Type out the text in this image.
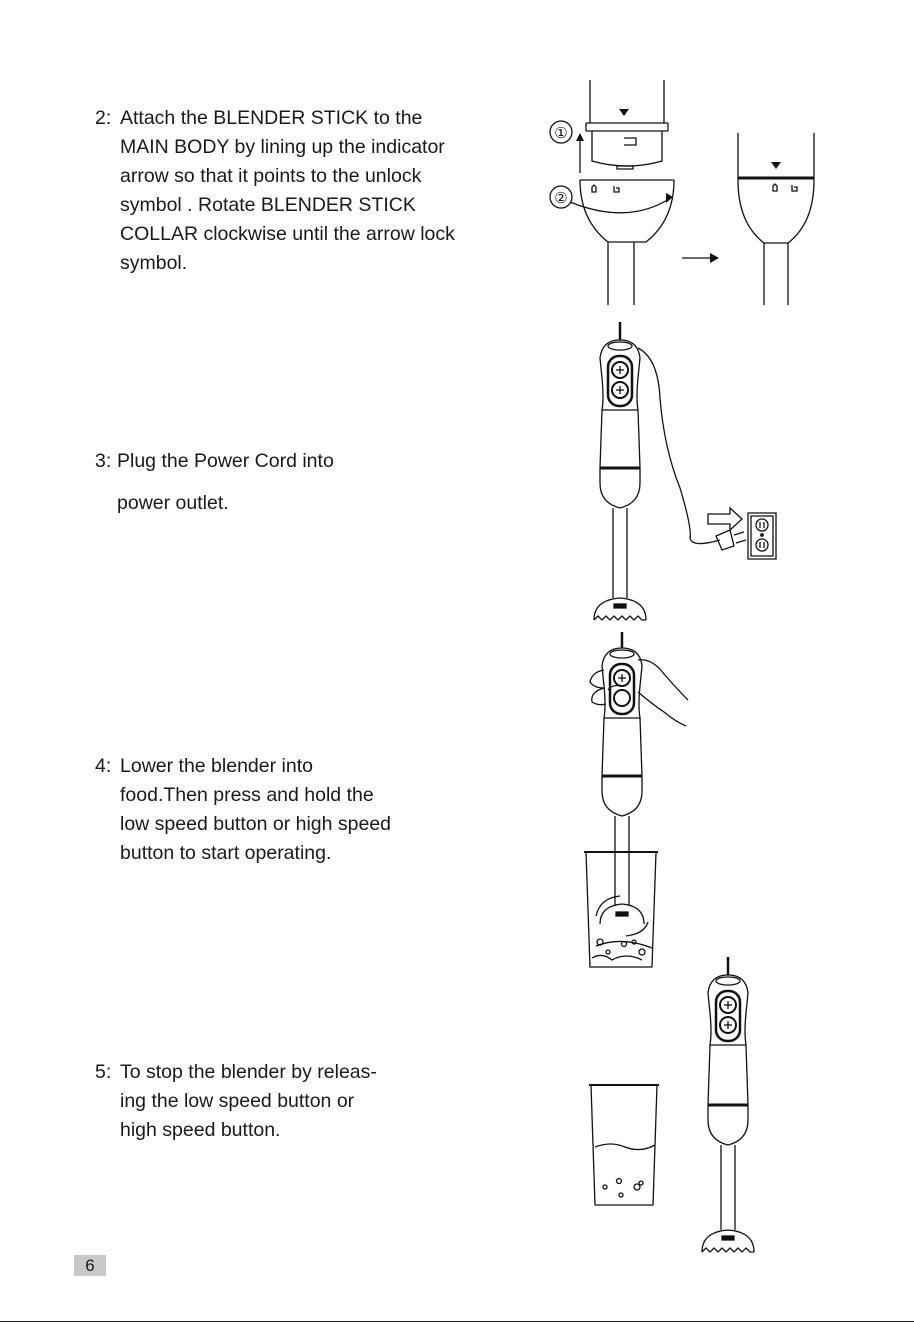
2: Attach the BLENDER STICK to the
MAIN BODY by lining up the indicator
arrow so that it points to the unlock
symbol . Rotate BLENDER STICK
COLLAR clockwise until the arrow lock
symbol.
3: Plug the Power Cord into
power outlet.
4: Lower the blender into
food.Then press and hold the
low speed button or high speed
button to start operating.
5: To stop the blender by releas-
ing the low speed button or
high speed button.
①
②
6
